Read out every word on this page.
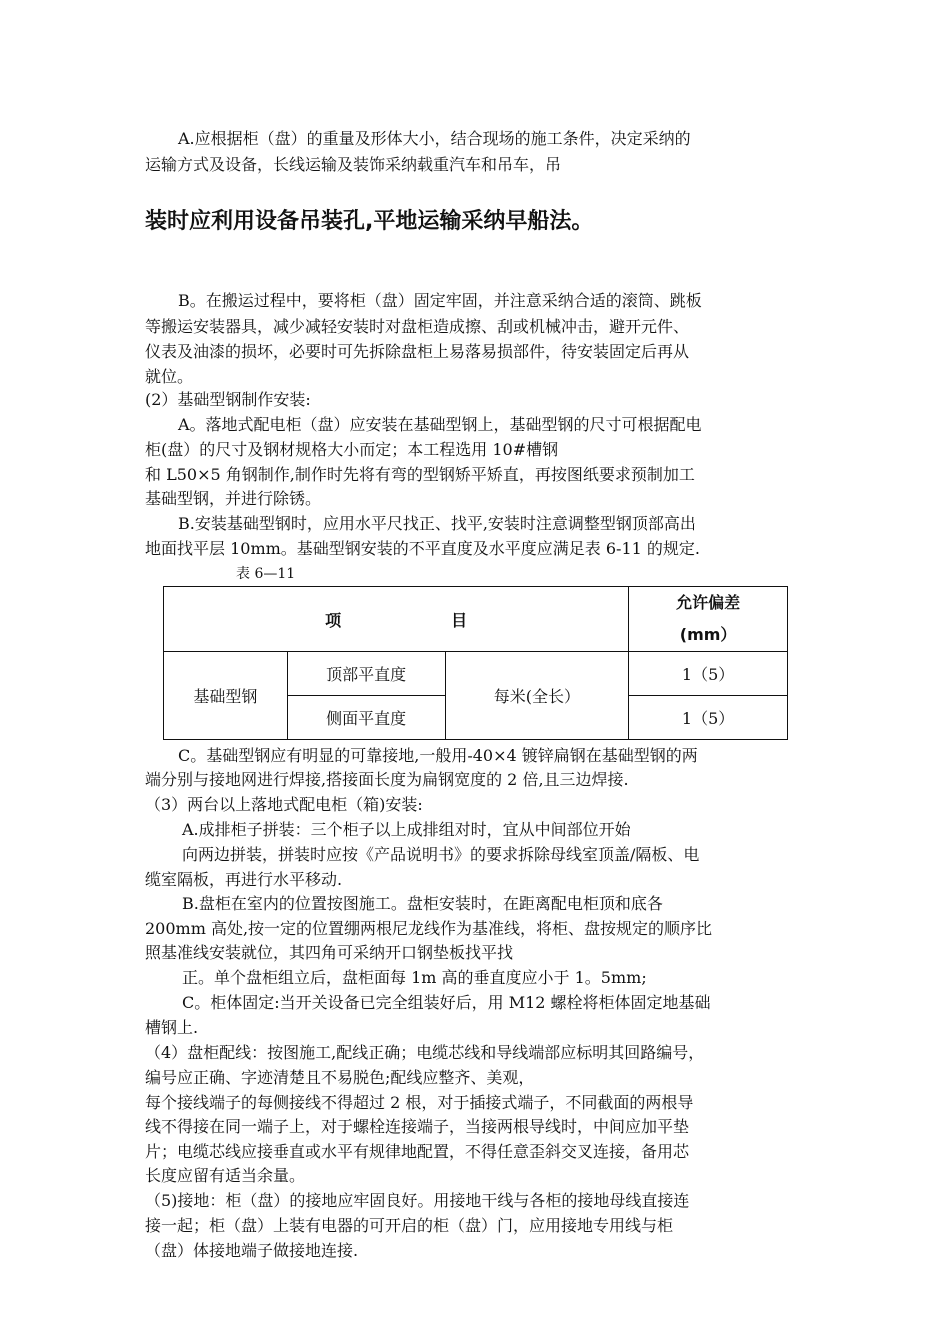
A.应根据柜（盘）的重量及形体大小，结合现场的施工条件，决定采纳的
运输方式及设备，长线运输及装饰采纳载重汽车和吊车，吊
装时应利用设备吊装孔,平地运输采纳早船法。
B。在搬运过程中，要将柜（盘）固定牢固，并注意采纳合适的滚筒、跳板
等搬运安装器具，减少减轻安装时对盘柜造成擦、刮或机械冲击，避开元件、
仪表及油漆的损坏，必要时可先拆除盘柜上易落易损部件，待安装固定后再从
就位。
(2）基础型钢制作安装:
A。落地式配电柜（盘）应安装在基础型钢上，基础型钢的尺寸可根据配电
柜(盘）的尺寸及钢材规格大小而定；本工程选用 10#槽钢
和 L50×5 角钢制作,制作时先将有弯的型钢矫平矫直，再按图纸要求预制加工
基础型钢，并进行除锈。
B.安装基础型钢时，应用水平尺找正、找平,安装时注意调整型钢顶部高出
地面找平层 10mm。基础型钢安装的不平直度及水平度应满足表 6-11 的规定.
表 6—11
项 目			允许偏差
(mm）

基础型钢	顶部平直度	每米(全长）	1（5）
	侧面平直度		1（5）
C。基础型钢应有明显的可靠接地,一般用-40×4 镀锌扁钢在基础型钢的两
端分别与接地网进行焊接,搭接面长度为扁钢宽度的 2 倍,且三边焊接.
（3）两台以上落地式配电柜（箱)安装:
A.成排柜子拼装：三个柜子以上成排组对时，宜从中间部位开始
向两边拼装，拼装时应按《产品说明书》的要求拆除母线室顶盖/隔板、电
缆室隔板，再进行水平移动.
B.盘柜在室内的位置按图施工。盘柜安装时，在距离配电柜顶和底各
200mm 高处,按一定的位置绷两根尼龙线作为基准线，将柜、盘按规定的顺序比
照基准线安装就位，其四角可采纳开口钢垫板找平找
正。单个盘柜组立后，盘柜面每 1m 高的垂直度应小于 1。5mm;
C。柜体固定:当开关设备已完全组装好后，用 M12 螺栓将柜体固定地基础
槽钢上.
（4）盘柜配线：按图施工,配线正确；电缆芯线和导线端部应标明其回路编号，
编号应正确、字迹清楚且不易脱色;配线应整齐、美观，
每个接线端子的每侧接线不得超过 2 根，对于插接式端子，不同截面的两根导
线不得接在同一端子上，对于螺栓连接端子，当接两根导线时，中间应加平垫
片；电缆芯线应接垂直或水平有规律地配置，不得任意歪斜交叉连接，备用芯
长度应留有适当余量。
（5)接地：柜（盘）的接地应牢固良好。用接地干线与各柜的接地母线直接连
接一起；柜（盘）上装有电器的可开启的柜（盘）门，应用接地专用线与柜
（盘）体接地端子做接地连接.
